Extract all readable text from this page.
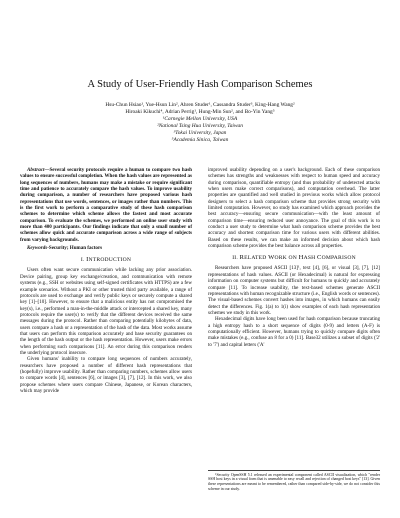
A Study of User-Friendly Hash Comparison Schemes
Hsu-Chun Hsiao¹, Yue-Hsun Lin², Ahren Studer¹, Cassandra Studer³, King-Hang Wang²
Hiroaki Kikuchi⁴, Adrian Perrig¹, Hung-Min Sun², and Bo-Yin Yang⁵
¹Carnegie Mellon University, USA
²National Tsing Hua University, Taiwan
³Tokai University, Japan
⁵Academia Sinica, Taiwan

Abstract—Several security protocols require a human to compare two hash values to ensure successful completion. When the hash values are represented as long sequences of numbers, humans may make a mistake or require significant time and patience to accurately compare the hash values. To improve usability during comparison, a number of researchers have proposed various hash representations that use words, sentences, or images rather than numbers. This is the first work to perform a comparative study of these hash comparison schemes to determine which scheme allows the fastest and most accurate comparison. To evaluate the schemes, we performed an online user study with more than 400 participants. Our findings indicate that only a small number of schemes allow quick and accurate comparison across a wide range of subjects from varying backgrounds.

Keywords-Security; Human factors

I. INTRODUCTION

Users often want secure communication while lacking any prior association. Device pairing, group key exchange/creation, and communication with remote systems (e.g., SSH or websites using self-signed certificates with HTTPS) are a few example scenarios. Without a PKI or other trusted third party available, a range of protocols are used to exchange and verify public keys or securely compute a shared key [1]–[10]. However, to ensure that a malicious entity has not compromised the key(s), i.e., performed a man-in-the-middle attack or intercepted a shared key, many protocols require the user(s) to verify that the different devices received the same messages during the protocol. Rather than comparing potentially kilobytes of data, users compare a hash or a representation of the hash of the data. Most works assume that users can perform this comparison accurately and base security guarantees on the length of the hash output or the hash representation. However, users make errors when performing such comparisons [11]. An error during this comparison renders the underlying protocol insecure.

Given humans' inability to compare long sequences of numbers accurately, researchers have proposed a number of different hash representations that (hopefully) improve usability. Rather than comparing numbers, schemes allow users to compare words [4], sentences [6], or images [3], [7], [12]. In this work, we also propose schemes where users compare Chinese, Japanese, or Korean characters, which may provide

improved usability depending on a user's background. Each of these comparison schemes has strengths and weaknesses with respect to human speed and accuracy during comparison, quantifiable entropy (and thus probability of undetected attacks when users make correct comparisons), and computation overhead. The latter properties are quantified and well studied in previous works which allow protocol designers to select a hash comparison scheme that provides strong security with limited computation. However, no study has examined which approach provides the best accuracy—ensuring secure communication—with the least amount of comparison time—ensuring reduced user annoyance. The goal of this work is to conduct a user study to determine what hash comparison scheme provides the best accuracy and shortest comparison time for various users with different abilities. Based on these results, we can make an informed decision about which hash comparison scheme provides the best balance across all properties.

II. RELATED WORK ON HASH COMPARISON

Researchers have proposed ASCII [13]¹, text [4], [6], or visual [3], [7], [12] representations of hash values. ASCII (or Hexadecimal) is natural for expressing information on computer systems but difficult for humans to quickly and accurately compare [11]. To increase usability, the text-based schemes generate ASCII representations with human recognizable structure (i.e., English words or sentences). The visual-based schemes convert hashes into images, in which humans can easily detect the differences. Fig. 1(a) to 1(i) show examples of each hash representation schemes we study in this work.

Hexadecimal digits have long been used for hash comparison because truncating a high entropy hash to a short sequence of digits (0-9) and letters (A-F) is computationally efficient. However, humans trying to quickly compare digits often make mistakes (e.g., confuse an 8 for a 0) [11]. Base32 utilizes a subset of digits ('2' to '7') and capital letters ('A'

$^1$Security OpenSSH 5.1 released an experimental component called ASCII visualization, which "render SSH host keys in a visual form that is amenable to easy recall and rejection of changed host keys" [13]. Given these representations are meant to be remembered, rather than compared side-by-side, we do not consider this scheme in our study.
